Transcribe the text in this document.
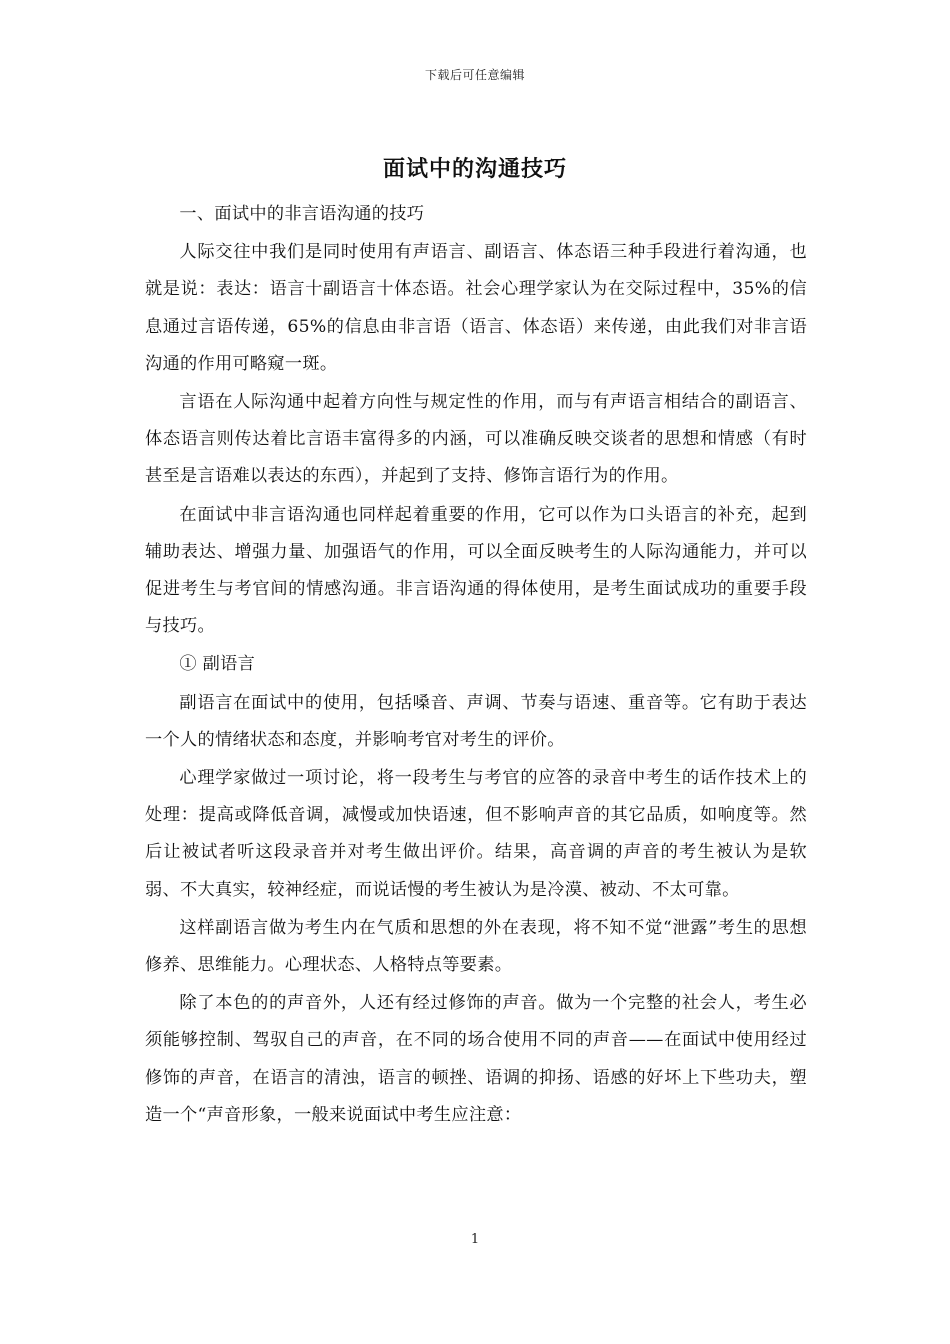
下载后可任意编辑
面试中的沟通技巧

一、面试中的非言语沟通的技巧

人际交往中我们是同时使用有声语言、副语言、体态语三种手段进行着沟通，也就是说：表达：语言十副语言十体态语。社会心理学家认为在交际过程中，35%的信息通过言语传递，65%的信息由非言语（语言、体态语）来传递，由此我们对非言语沟通的作用可略窥一斑。

言语在人际沟通中起着方向性与规定性的作用，而与有声语言相结合的副语言、体态语言则传达着比言语丰富得多的内涵，可以准确反映交谈者的思想和情感（有时甚至是言语难以表达的东西），并起到了支持、修饰言语行为的作用。

在面试中非言语沟通也同样起着重要的作用，它可以作为口头语言的补充，起到辅助表达、增强力量、加强语气的作用，可以全面反映考生的人际沟通能力，并可以促进考生与考官间的情感沟通。非言语沟通的得体使用，是考生面试成功的重要手段与技巧。

① 副语言

副语言在面试中的使用，包括嗓音、声调、节奏与语速、重音等。它有助于表达一个人的情绪状态和态度，并影响考官对考生的评价。

心理学家做过一项讨论，将一段考生与考官的应答的录音中考生的话作技术上的处理：提高或降低音调，减慢或加快语速，但不影响声音的其它品质，如响度等。然后让被试者听这段录音并对考生做出评价。结果，高音调的声音的考生被认为是软弱、不大真实，较神经症，而说话慢的考生被认为是冷漠、被动、不太可靠。

这样副语言做为考生内在气质和思想的外在表现，将不知不觉“泄露”考生的思想修养、思维能力。心理状态、人格特点等要素。

除了本色的的声音外，人还有经过修饰的声音。做为一个完整的社会人，考生必须能够控制、驾驭自己的声音，在不同的场合使用不同的声音——在面试中使用经过修饰的声音，在语言的清浊，语言的顿挫、语调的抑扬、语感的好坏上下些功夫，塑造一个“声音形象，一般来说面试中考生应注意：

1
